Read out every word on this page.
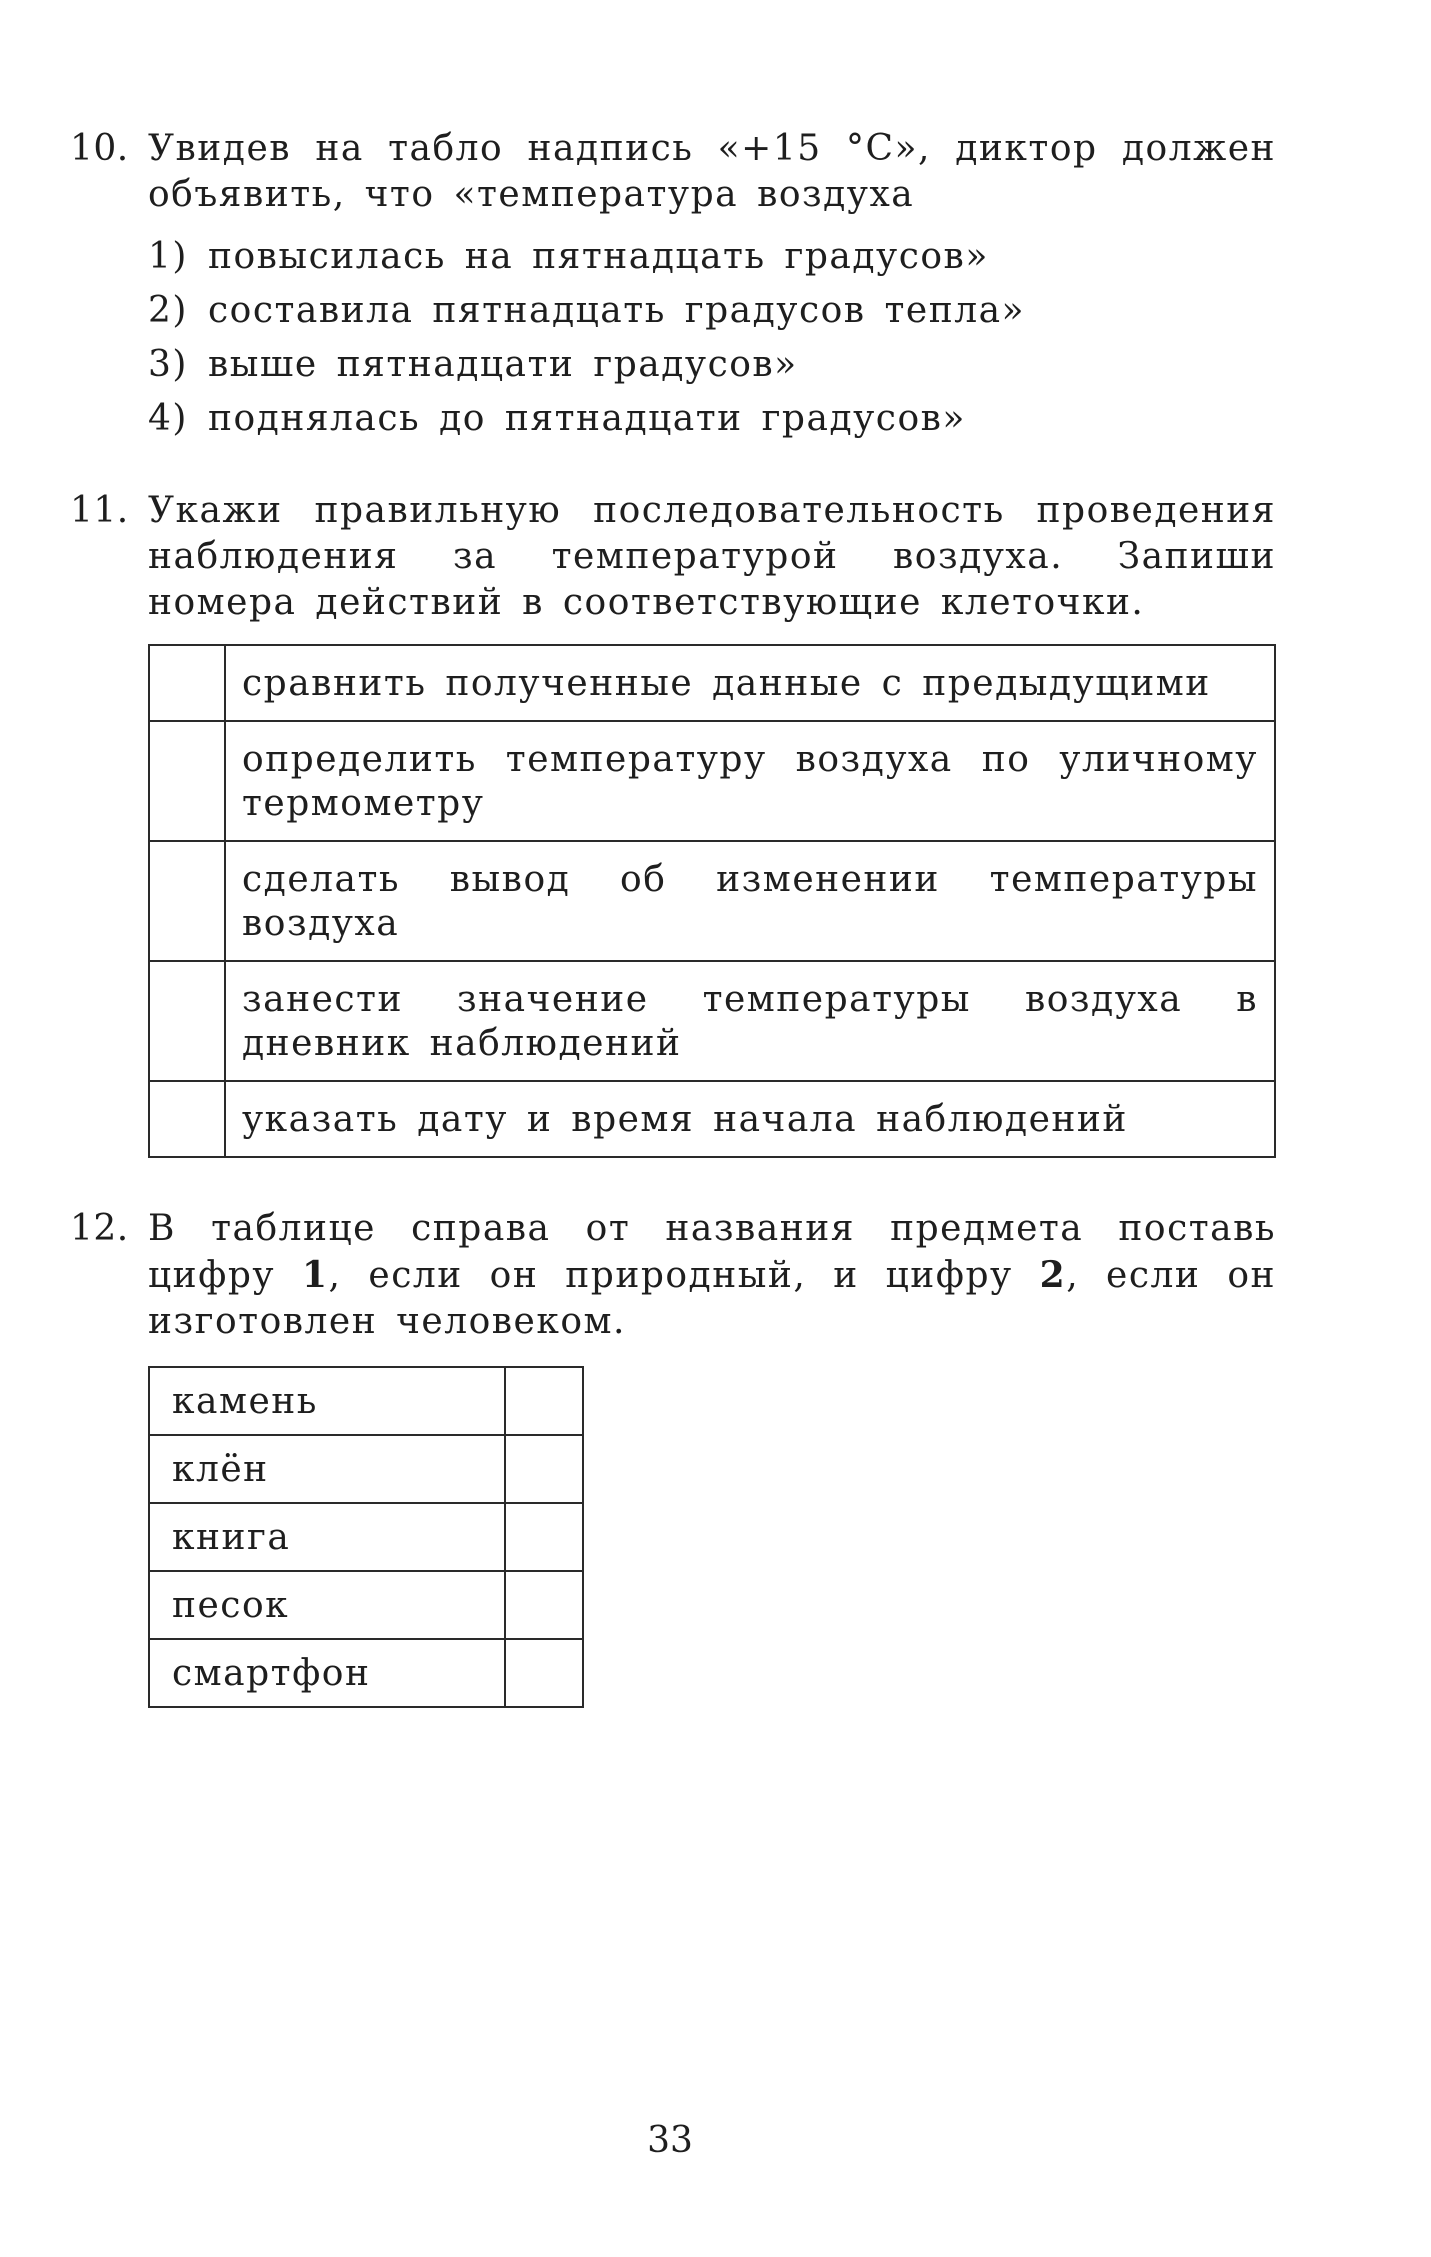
10. Увидев на табло надпись «+15 °C», диктор должен объявить, что «температура воздуха
1) повысилась на пятнадцать градусов»
2) составила пятнадцать градусов тепла»
3) выше пятнадцати градусов»
4) поднялась до пятнадцати градусов»
11. Укажи правильную последовательность проведения наблюдения за температурой воздуха. Запиши номера действий в соответствующие клеточки.
	сравнить полученные данные с предыдущими
	определить температуру воздуха по уличному термометру
	сделать вывод об изменении температуры воздуха
	занести значение температуры воздуха в дневник наблюдений
	указать дату и время начала наблюдений
12. В таблице справа от названия предмета поставь цифру 1, если он природный, и цифру 2, если он изготовлен человеком.
камень	
клён	
книга	
песок	
смартфон	
33
